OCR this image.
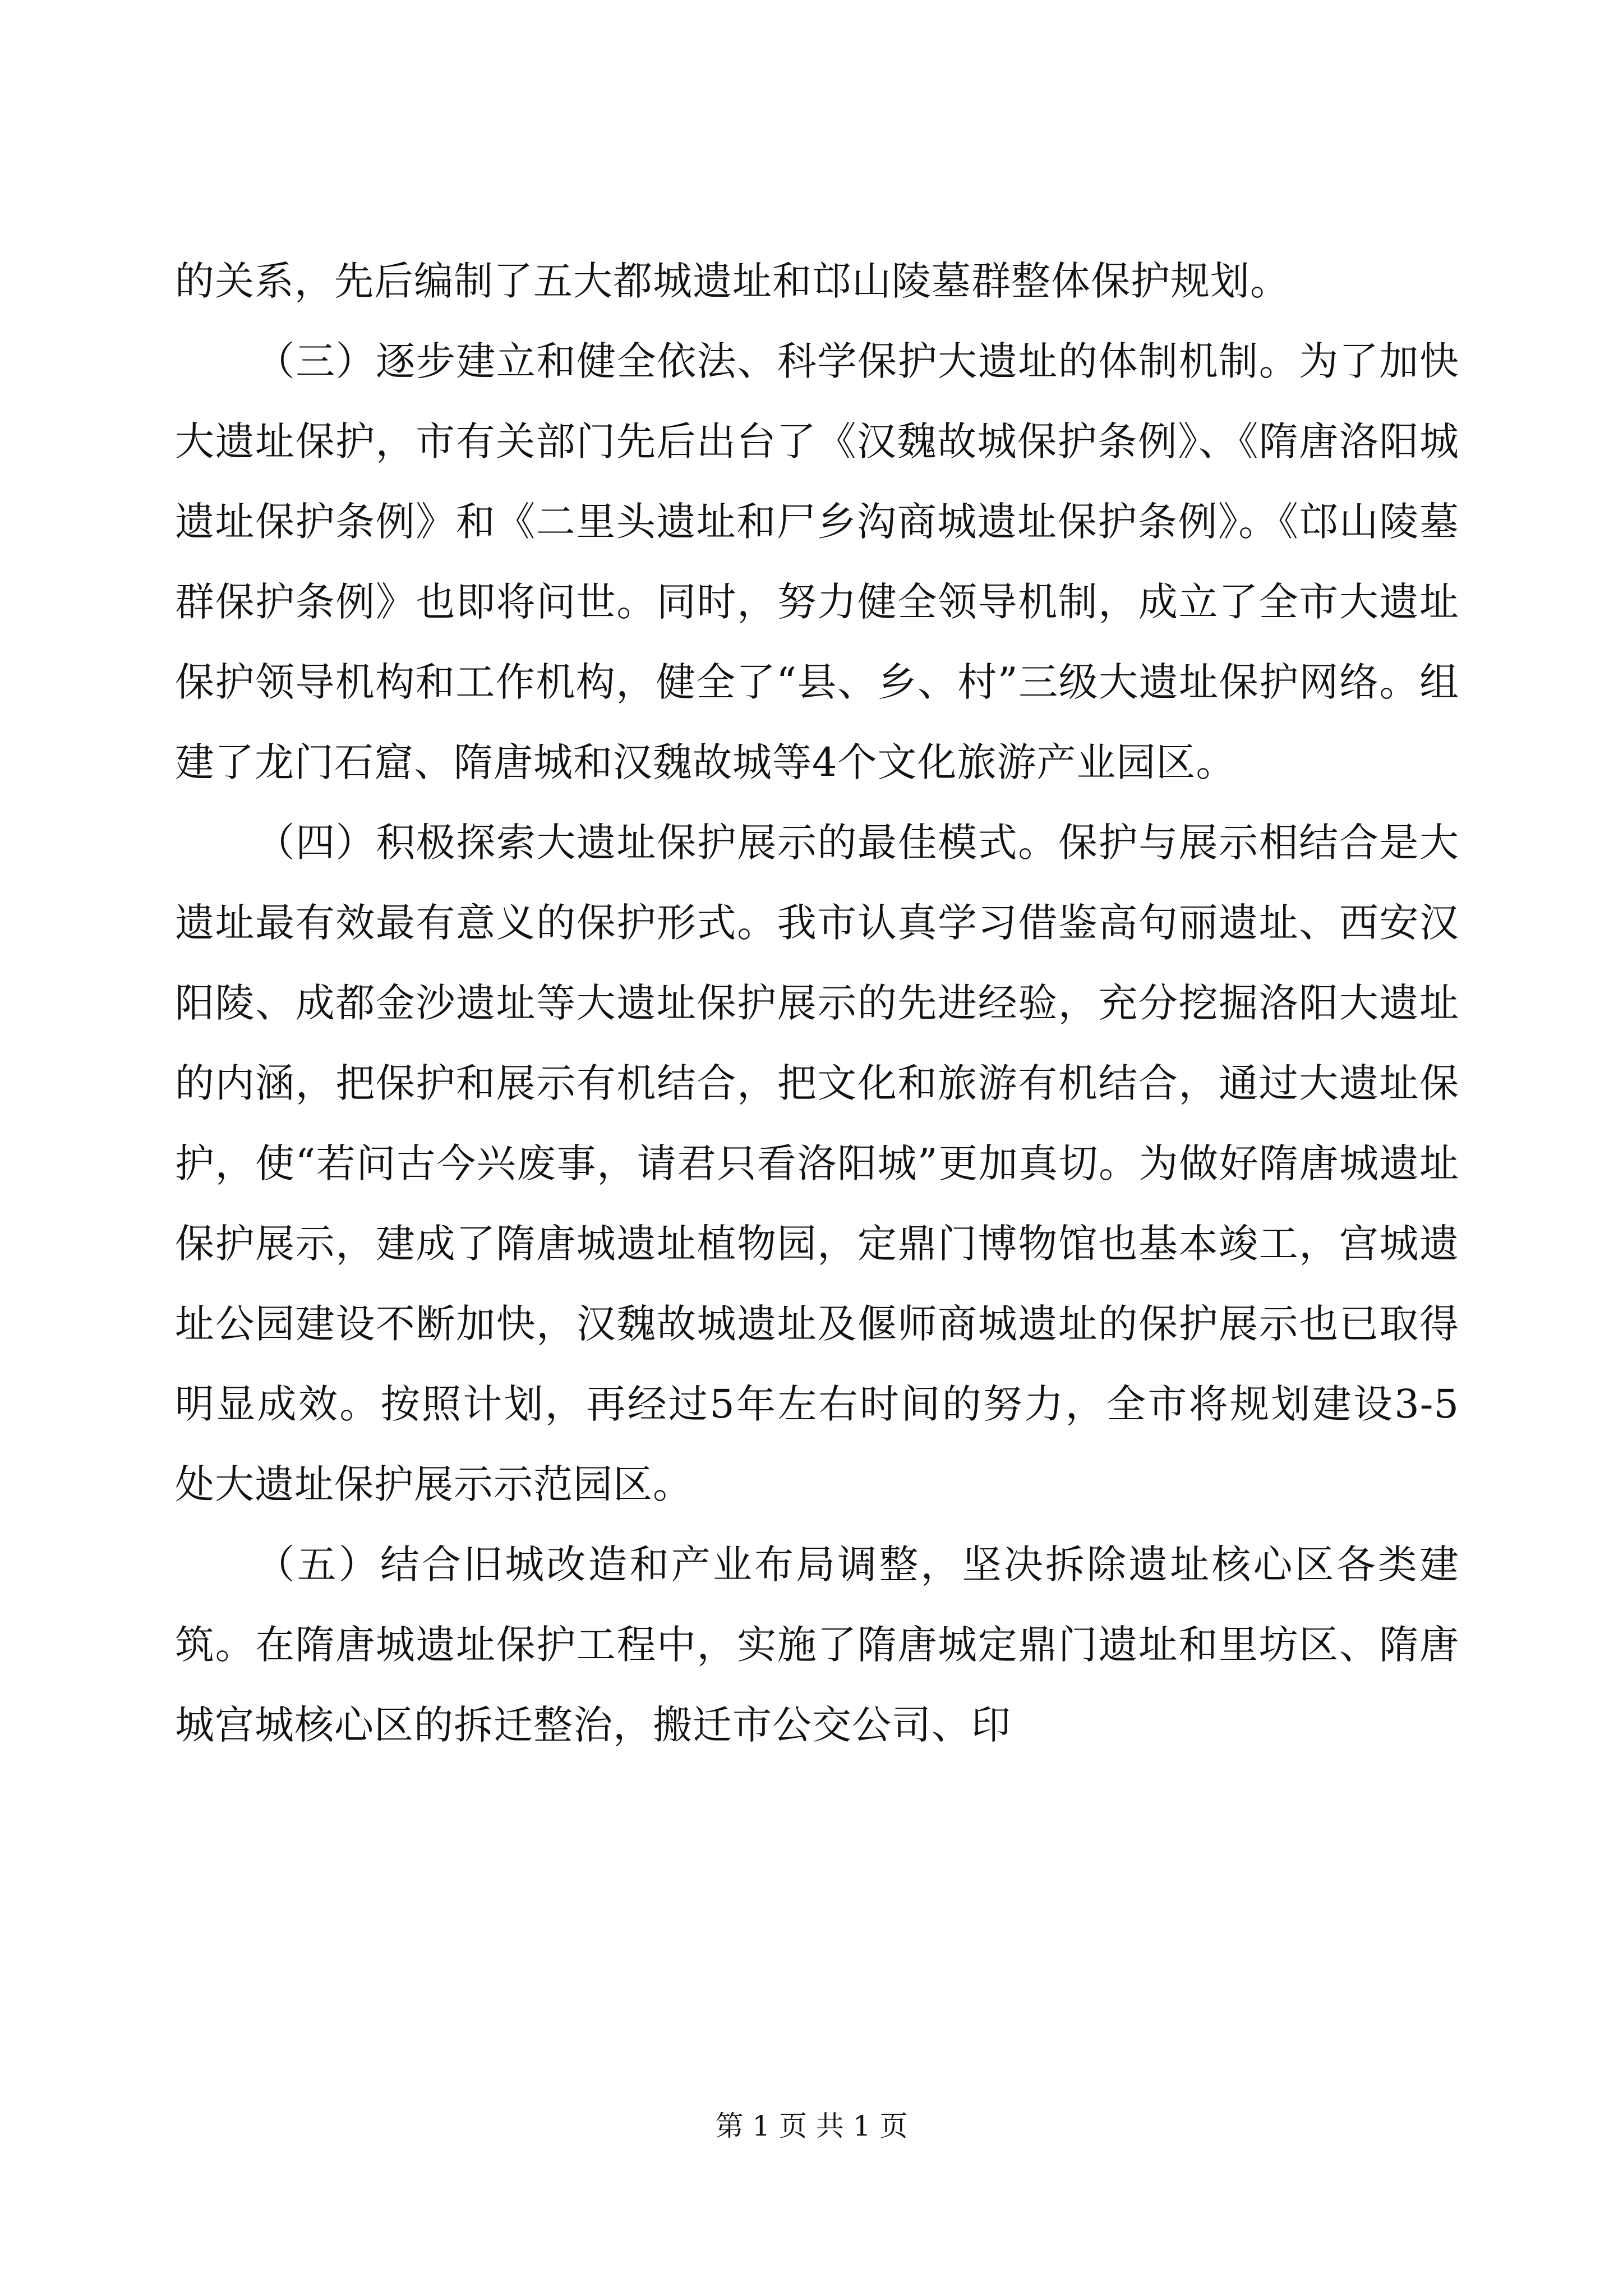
的关系，先后编制了五大都城遗址和邙山陵墓群整体保护规划。

（三）逐步建立和健全依法、科学保护大遗址的体制机制。为了加快大遗址保护，市有关部门先后出台了《汉魏故城保护条例》、《隋唐洛阳城遗址保护条例》和《二里头遗址和尸乡沟商城遗址保护条例》。《邙山陵墓群保护条例》也即将问世。同时，努力健全领导机制，成立了全市大遗址保护领导机构和工作机构，健全了“县、乡、村”三级大遗址保护网络。组建了龙门石窟、隋唐城和汉魏故城等4个文化旅游产业园区。

（四）积极探索大遗址保护展示的最佳模式。保护与展示相结合是大遗址最有效最有意义的保护形式。我市认真学习借鉴高句丽遗址、西安汉阳陵、成都金沙遗址等大遗址保护展示的先进经验，充分挖掘洛阳大遗址的内涵，把保护和展示有机结合，把文化和旅游有机结合，通过大遗址保护，使“若问古今兴废事，请君只看洛阳城”更加真切。为做好隋唐城遗址保护展示，建成了隋唐城遗址植物园，定鼎门博物馆也基本竣工，宫城遗址公园建设不断加快，汉魏故城遗址及偃师商城遗址的保护展示也已取得明显成效。按照计划，再经过5年左右时间的努力，全市将规划建设3-5处大遗址保护展示示范园区。

（五）结合旧城改造和产业布局调整，坚决拆除遗址核心区各类建筑。在隋唐城遗址保护工程中，实施了隋唐城定鼎门遗址和里坊区、隋唐城宫城核心区的拆迁整治，搬迁市公交公司、印

第 1 页 共 1 页
